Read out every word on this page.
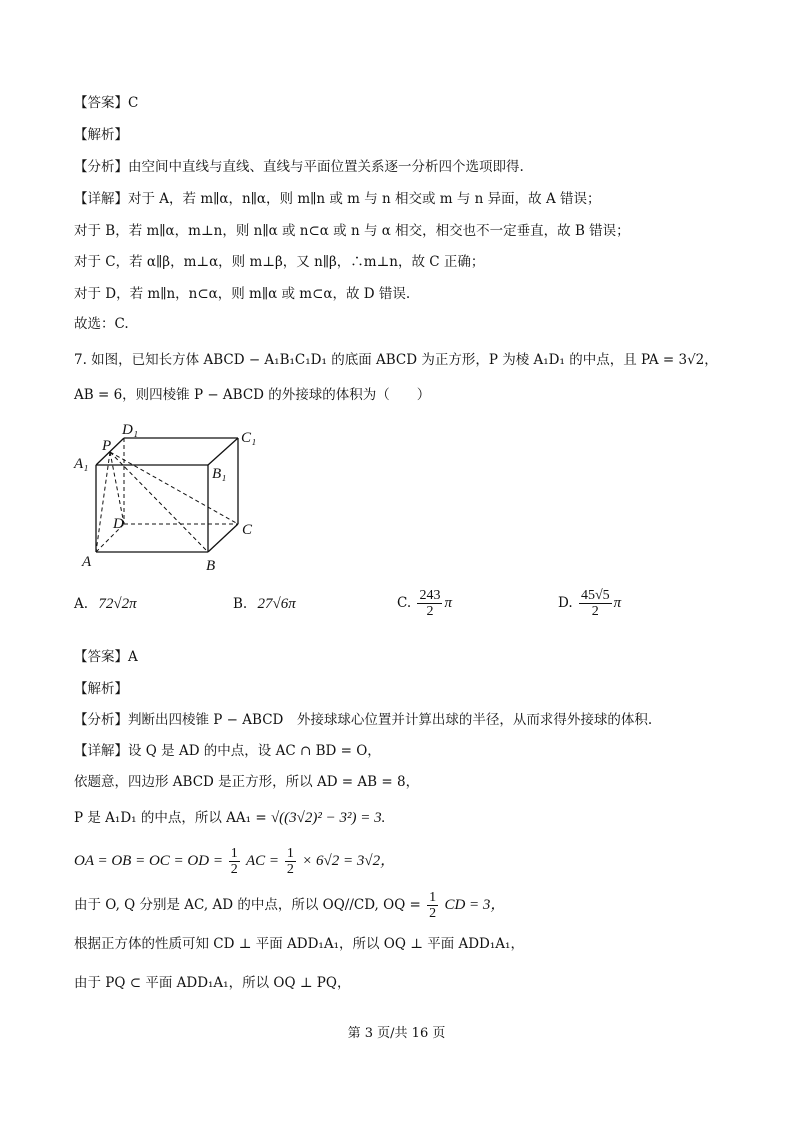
【答案】C
【解析】
【分析】由空间中直线与直线、直线与平面位置关系逐一分析四个选项即得.
【详解】对于 A，若 m∥α，n∥α，则 m∥n 或 m 与 n 相交或 m 与 n 异面，故 A 错误；
对于 B，若 m∥α，m⊥n，则 n∥α 或 n⊂α 或 n 与 α 相交，相交也不一定垂直，故 B 错误；
对于 C，若 α∥β，m⊥α，则 m⊥β，又 n∥β，∴m⊥n，故 C 正确；
对于 D，若 m∥n，n⊂α，则 m∥α 或 m⊂α，故 D 错误.
故选：C.
7. 如图，已知长方体 ABCD − A₁B₁C₁D₁ 的底面 ABCD 为正方形，P 为棱 A₁D₁ 的中点，且 PA = 3√2，
AB = 6，则四棱锥 P − ABCD 的外接球的体积为（　　）
D₁	C₁
P
A₁
B₁
D	C
A	B
A. 72√2π	B. 27√6π	C. $\frac{243}{2}$ π	D. $\frac{45√5}{2}$ π
【答案】A
【解析】
【分析】判断出四棱锥 P − ABCD　外接球球心位置并计算出球的半径，从而求得外接球的体积.
【详解】设 Q 是 AD 的中点，设 AC ∩ BD = O，
依题意，四边形 ABCD 是正方形，所以 AD = AB = 8，
P 是 A₁D₁ 的中点，所以 AA₁ = √((3√2)² − 3²) = 3.
OA = OB = OC = OD = $\frac{1}{2}$ AC = $\frac{1}{2} \times 6√2 = 3√2$，
由于 O, Q 分别是 AC, AD 的中点，所以 OQ//CD, OQ = $\frac{1}{2}$ CD = 3，
根据正方体的性质可知 CD ⊥ 平面 ADD₁A₁，所以 OQ ⊥ 平面 ADD₁A₁，
由于 PQ ⊂ 平面 ADD₁A₁，所以 OQ ⊥ PQ，
第 3 页/共 16 页
